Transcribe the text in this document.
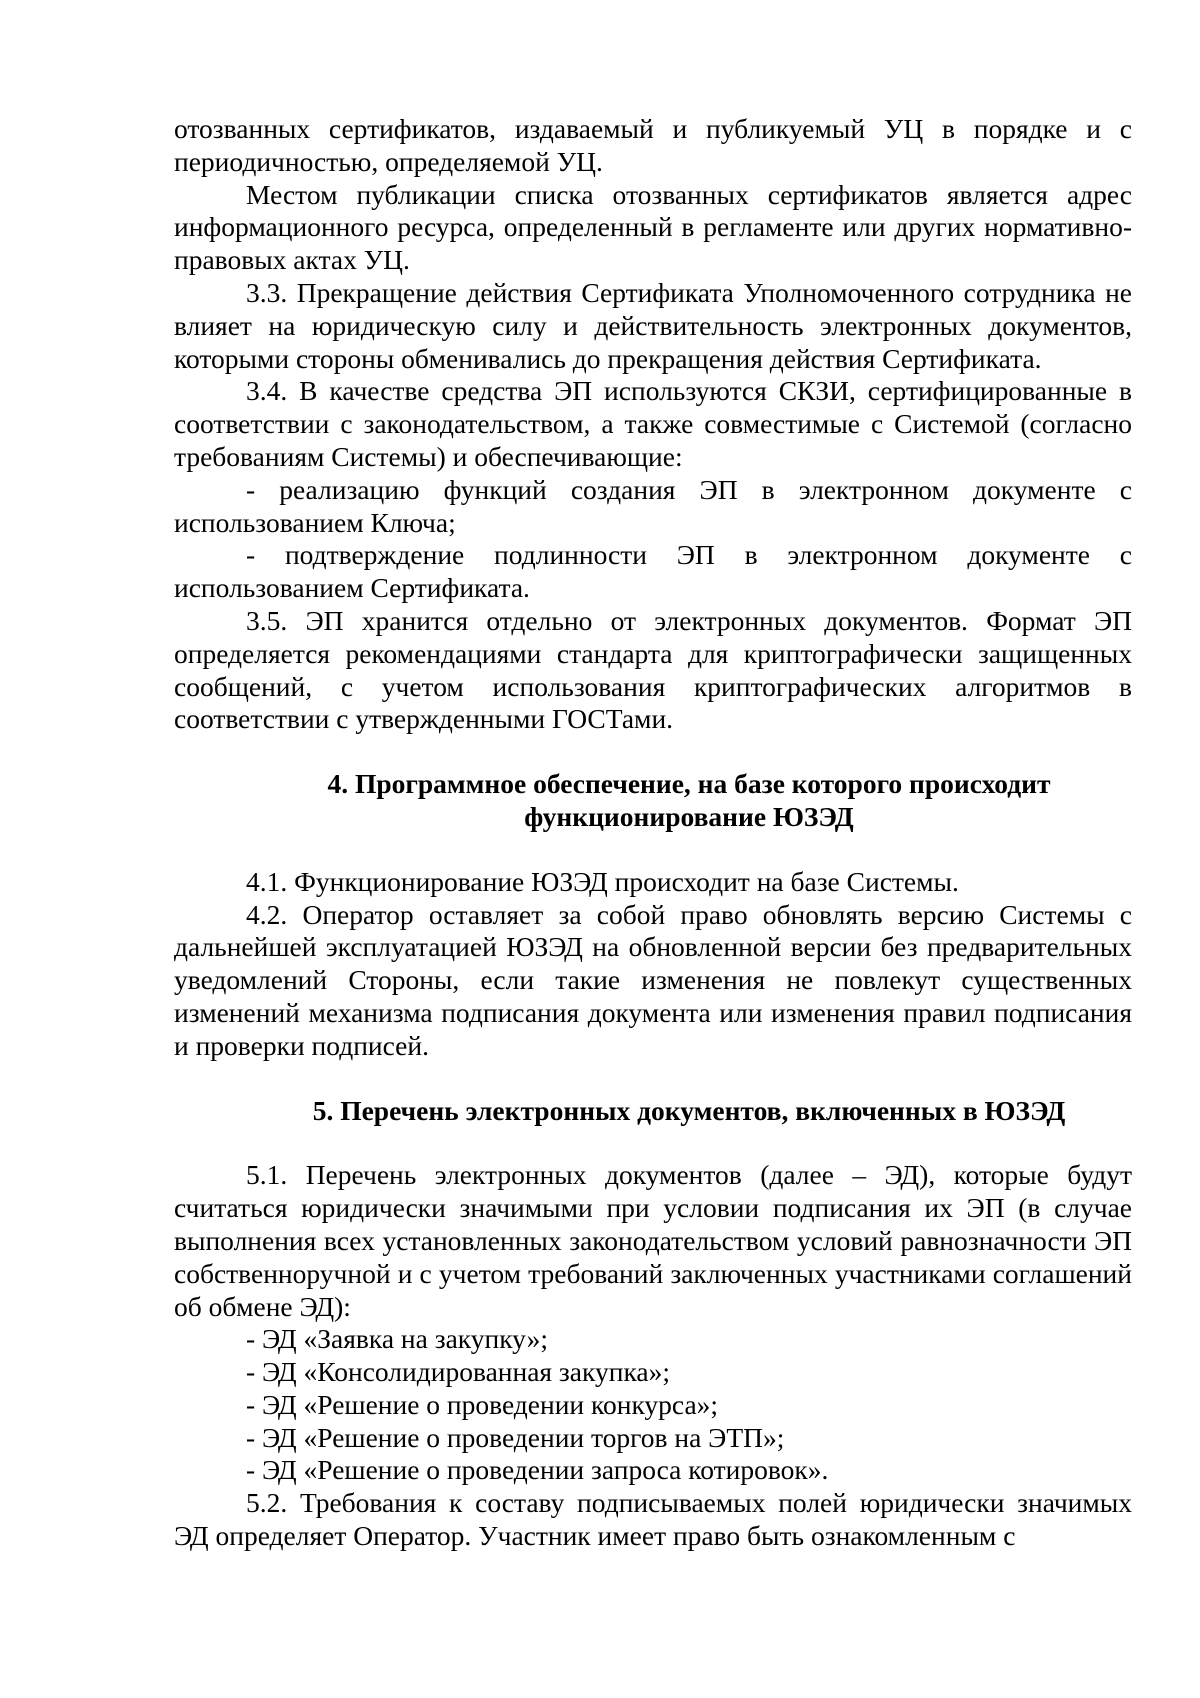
отозванных сертификатов, издаваемый и публикуемый УЦ в порядке и с периодичностью, определяемой УЦ.

Местом публикации списка отозванных сертификатов является адрес информационного ресурса, определенный в регламенте или других нормативно-правовых актах УЦ.

3.3. Прекращение действия Сертификата Уполномоченного сотрудника не влияет на юридическую силу и действительность электронных документов, которыми стороны обменивались до прекращения действия Сертификата.

3.4. В качестве средства ЭП используются СКЗИ, сертифицированные в соответствии с законодательством, а также совместимые с Системой (согласно требованиям Системы) и обеспечивающие:

- реализацию функций создания ЭП в электронном документе с использованием Ключа;

- подтверждение подлинности ЭП в электронном документе с использованием Сертификата.

3.5. ЭП хранится отдельно от электронных документов. Формат ЭП определяется рекомендациями стандарта для криптографически защищенных сообщений, с учетом использования криптографических алгоритмов в соответствии с утвержденными ГОСТами.

4. Программное обеспечение, на базе которого происходит
функционирование ЮЗЭД

4.1. Функционирование ЮЗЭД происходит на базе Системы.

4.2. Оператор оставляет за собой право обновлять версию Системы с дальнейшей эксплуатацией ЮЗЭД на обновленной версии без предварительных уведомлений Стороны, если такие изменения не повлекут существенных изменений механизма подписания документа или изменения правил подписания и проверки подписей.

5. Перечень электронных документов, включенных в ЮЗЭД

5.1. Перечень электронных документов (далее – ЭД), которые будут считаться юридически значимыми при условии подписания их ЭП (в случае выполнения всех установленных законодательством условий равнозначности ЭП собственноручной и с учетом требований заключенных участниками соглашений об обмене ЭД):

- ЭД «Заявка на закупку»;

- ЭД «Консолидированная закупка»;

- ЭД «Решение о проведении конкурса»;

- ЭД «Решение о проведении торгов на ЭТП»;

- ЭД «Решение о проведении запроса котировок».

5.2. Требования к составу подписываемых полей юридически значимых ЭД определяет Оператор. Участник имеет право быть ознакомленным с
